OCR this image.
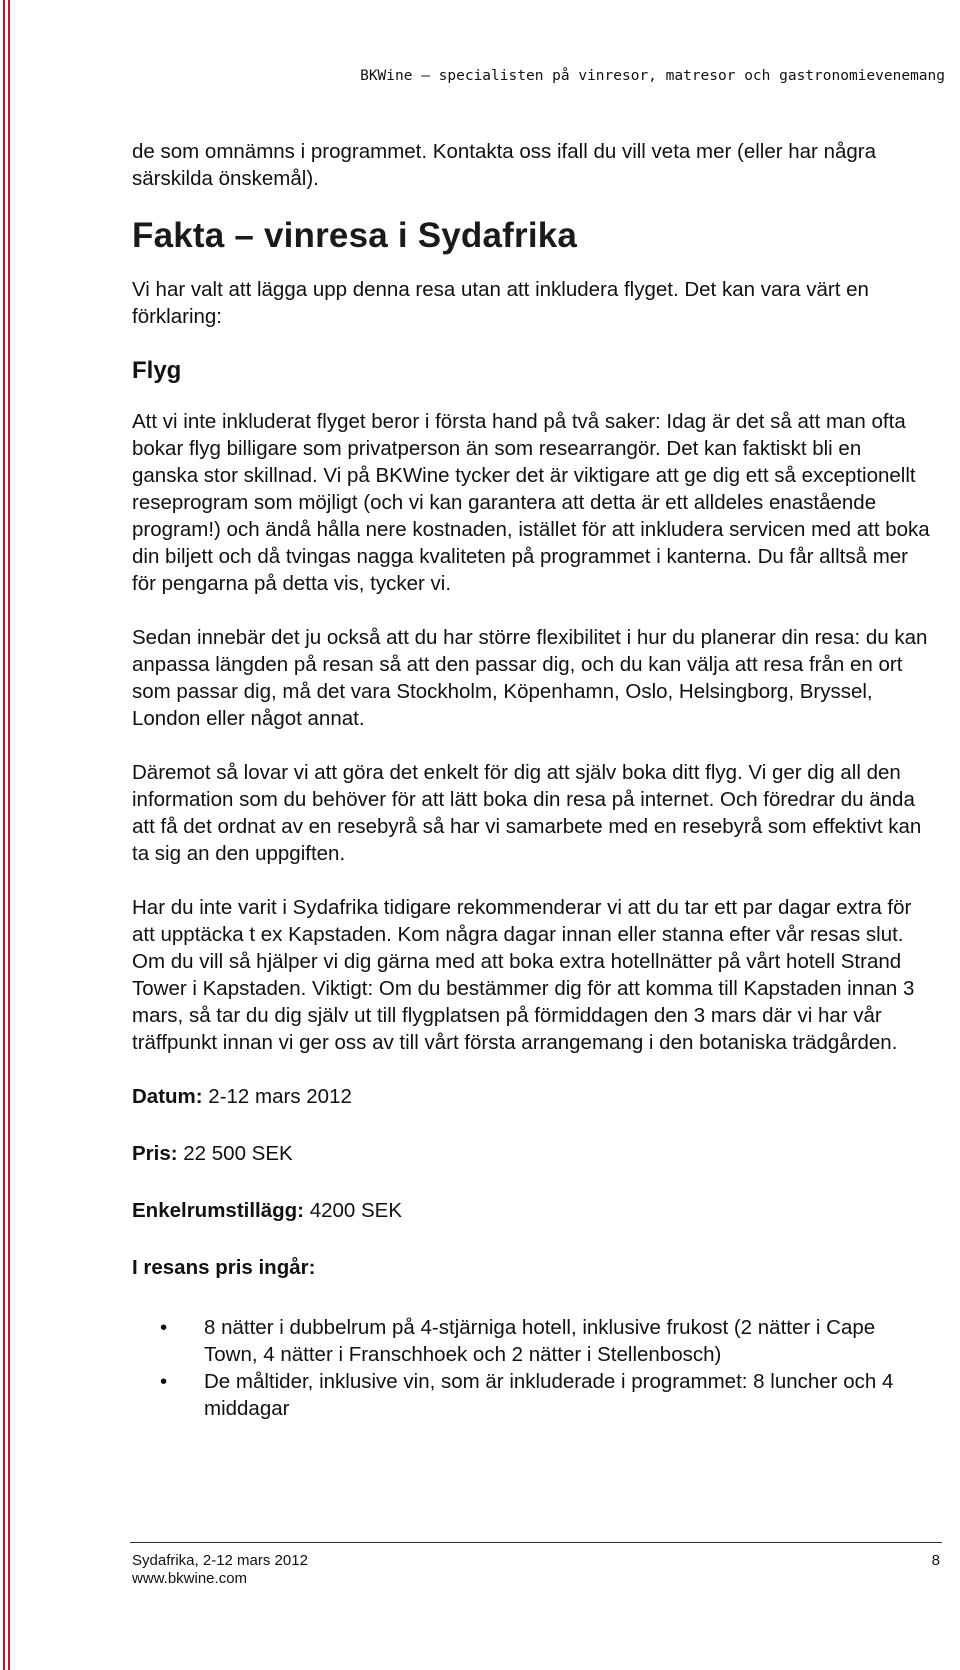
BKWine – specialisten på vinresor, matresor och gastronomievenemang

de som omnämns i programmet. Kontakta oss ifall du vill veta mer (eller har några särskilda önskemål).

Fakta – vinresa i Sydafrika

Vi har valt att lägga upp denna resa utan att inkludera flyget. Det kan vara värt en förklaring:

Flyg

Att vi inte inkluderat flyget beror i första hand på två saker: Idag är det så att man ofta bokar flyg billigare som privatperson än som researrangör. Det kan faktiskt bli en ganska stor skillnad. Vi på BKWine tycker det är viktigare att ge dig ett så exceptionellt reseprogram som möjligt (och vi kan garantera att detta är ett alldeles enastående program!) och ändå hålla nere kostnaden, istället för att inkludera servicen med att boka din biljett och då tvingas nagga kvaliteten på programmet i kanterna. Du får alltså mer för pengarna på detta vis, tycker vi.

Sedan innebär det ju också att du har större flexibilitet i hur du planerar din resa: du kan anpassa längden på resan så att den passar dig, och du kan välja att resa från en ort som passar dig, må det vara Stockholm, Köpenhamn, Oslo, Helsingborg, Bryssel, London eller något annat.

Däremot så lovar vi att göra det enkelt för dig att själv boka ditt flyg. Vi ger dig all den information som du behöver för att lätt boka din resa på internet. Och föredrar du ända att få det ordnat av en resebyrå så har vi samarbete med en resebyrå som effektivt kan ta sig an den uppgiften.

Har du inte varit i Sydafrika tidigare rekommenderar vi att du tar ett par dagar extra för att upptäcka t ex Kapstaden. Kom några dagar innan eller stanna efter vår resas slut. Om du vill så hjälper vi dig gärna med att boka extra hotellnätter på vårt hotell Strand Tower i Kapstaden. Viktigt: Om du bestämmer dig för att komma till Kapstaden innan 3 mars, så tar du dig själv ut till flygplatsen på förmiddagen den 3 mars där vi har vår träffpunkt innan vi ger oss av till vårt första arrangemang i den botaniska trädgården.

Datum: 2-12 mars 2012

Pris: 22 500 SEK

Enkelrumstillägg: 4200 SEK

I resans pris ingår:

• 8 nätter i dubbelrum på 4-stjärniga hotell, inklusive frukost (2 nätter i Cape Town, 4 nätter i Franschhoek och 2 nätter i Stellenbosch)
• De måltider, inklusive vin, som är inkluderade i programmet: 8 luncher och 4 middagar
Sydafrika, 2-12 mars 2012
www.bkwine.com
8
